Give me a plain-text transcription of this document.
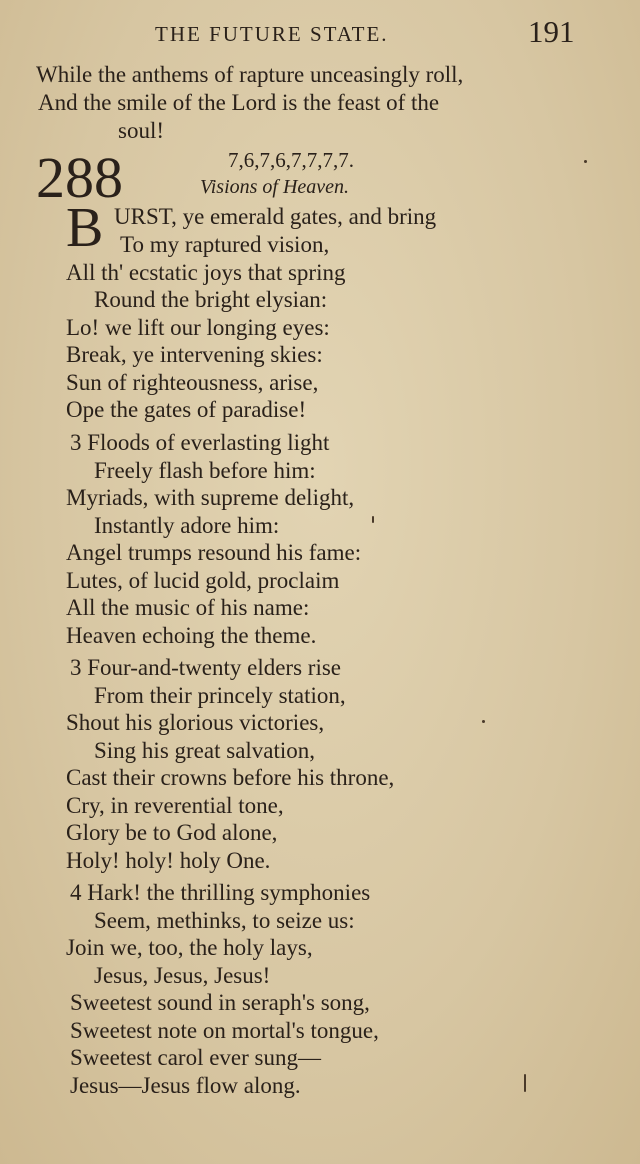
THE FUTURE STATE.	191
While the anthems of rapture unceasingly roll,
And the smile of the Lord is the feast of the
soul!
288	7,6,7,6,7,7,7,7.
Visions of Heaven.
B URST, ye emerald gates, and bring
To my raptured vision,
All th' ecstatic joys that spring
Round the bright elysian:
Lo! we lift our longing eyes:
Break, ye intervening skies:
Sun of righteousness, arise,
Ope the gates of paradise!
3 Floods of everlasting light
Freely flash before him:
Myriads, with supreme delight,
Instantly adore him:
Angel trumps resound his fame:
Lutes, of lucid gold, proclaim
All the music of his name:
Heaven echoing the theme.
3 Four-and-twenty elders rise
From their princely station,
Shout his glorious victories,
Sing his great salvation,
Cast their crowns before his throne,
Cry, in reverential tone,
Glory be to God alone,
Holy! holy! holy One.
4 Hark! the thrilling symphonies
Seem, methinks, to seize us:
Join we, too, the holy lays,
Jesus, Jesus, Jesus!
Sweetest sound in seraph's song,
Sweetest note on mortal's tongue,
Sweetest carol ever sung—
Jesus—Jesus flow along.
